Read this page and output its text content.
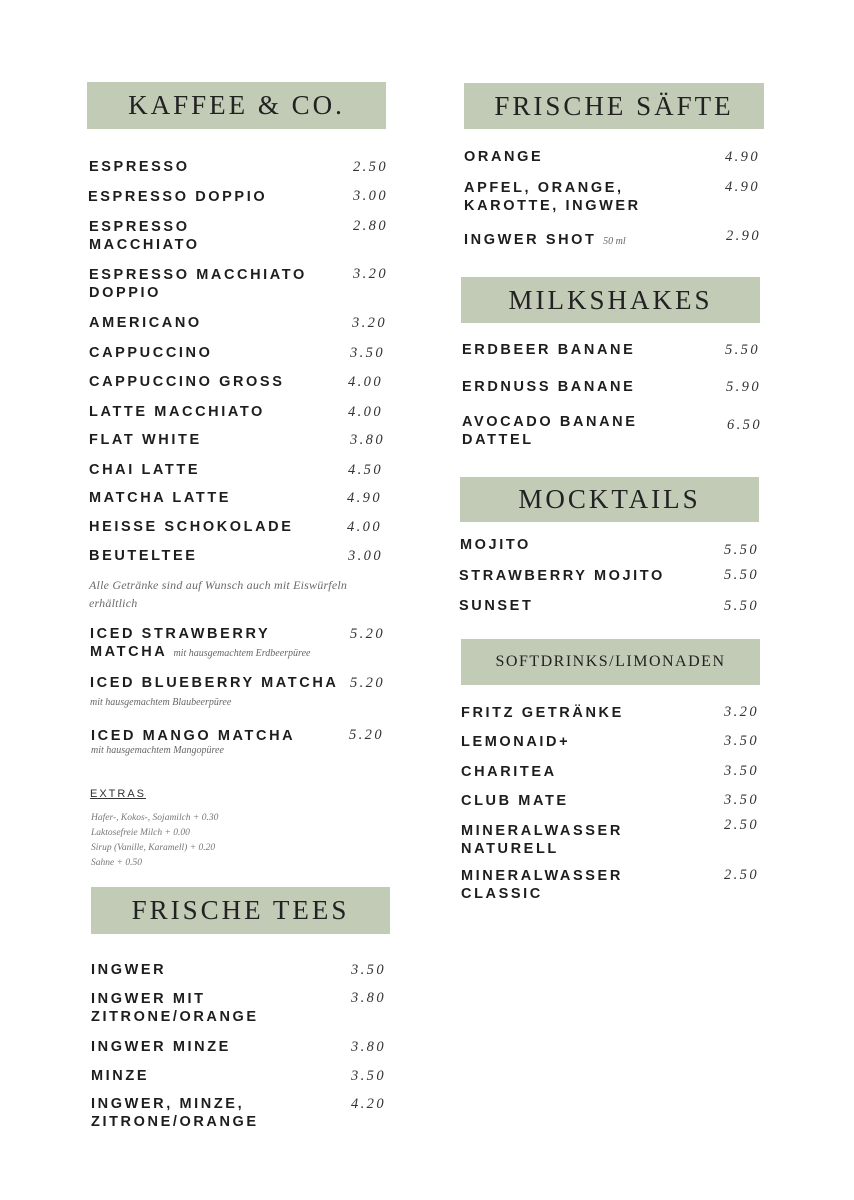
KAFFEE & CO.
ESPRESSO	2.50
ESPRESSO DOPPIO	3.00
ESPRESSO MACCHIATO
2.80
ESPRESSO MACCHIATO DOPPIO
3.20
AMERICANO	3.20
CAPPUCCINO	3.50
CAPPUCCINO GROSS	4.00
LATTE MACCHIATO	4.00
FLAT WHITE	3.80
CHAI LATTE	4.50
MATCHA LATTE	4.90
HEISSE SCHOKOLADE	4.00
BEUTELTEE	3.00
Alle Getränke sind auf Wunsch auch mit Eiswürfeln erhältlich
ICED STRAWBERRY MATCHA mit hausgemachtem Erdbeerpüree
5.20
ICED BLUEBERRY MATCHA mit hausgemachtem Blaubeerpüree
5.20
ICED MANGO MATCHA
mit hausgemachtem Mangopüree
5.20
EXTRAS
Hafer-, Kokos-, Sojamilch + 0.30
Laktosefreie Milch + 0.00
Sirup (Vanille, Karamell) + 0.20
Sahne + 0.50
FRISCHE TEES
INGWER	3.50
INGWER MIT ZITRONE/ORANGE
3.80
INGWER MINZE	3.80
MINZE	3.50
INGWER, MINZE, ZITRONE/ORANGE
4.20
FRISCHE SÄFTE
ORANGE	4.90
APFEL, ORANGE, KAROTTE, INGWER
4.90
INGWER SHOT 50 ml	2.90
MILKSHAKES
ERDBEER BANANE	5.50
ERDNUSS BANANE	5.90
AVOCADO BANANE DATTEL
6.50
MOCKTAILS
MOJITO	5.50
STRAWBERRY MOJITO	5.50
SUNSET	5.50
SOFTDRINKS/LIMONADEN
FRITZ GETRÄNKE	3.20
LEMONAID+	3.50
CHARITEA	3.50
CLUB MATE	3.50
MINERALWASSER NATURELL
2.50
MINERALWASSER CLASSIC
2.50
